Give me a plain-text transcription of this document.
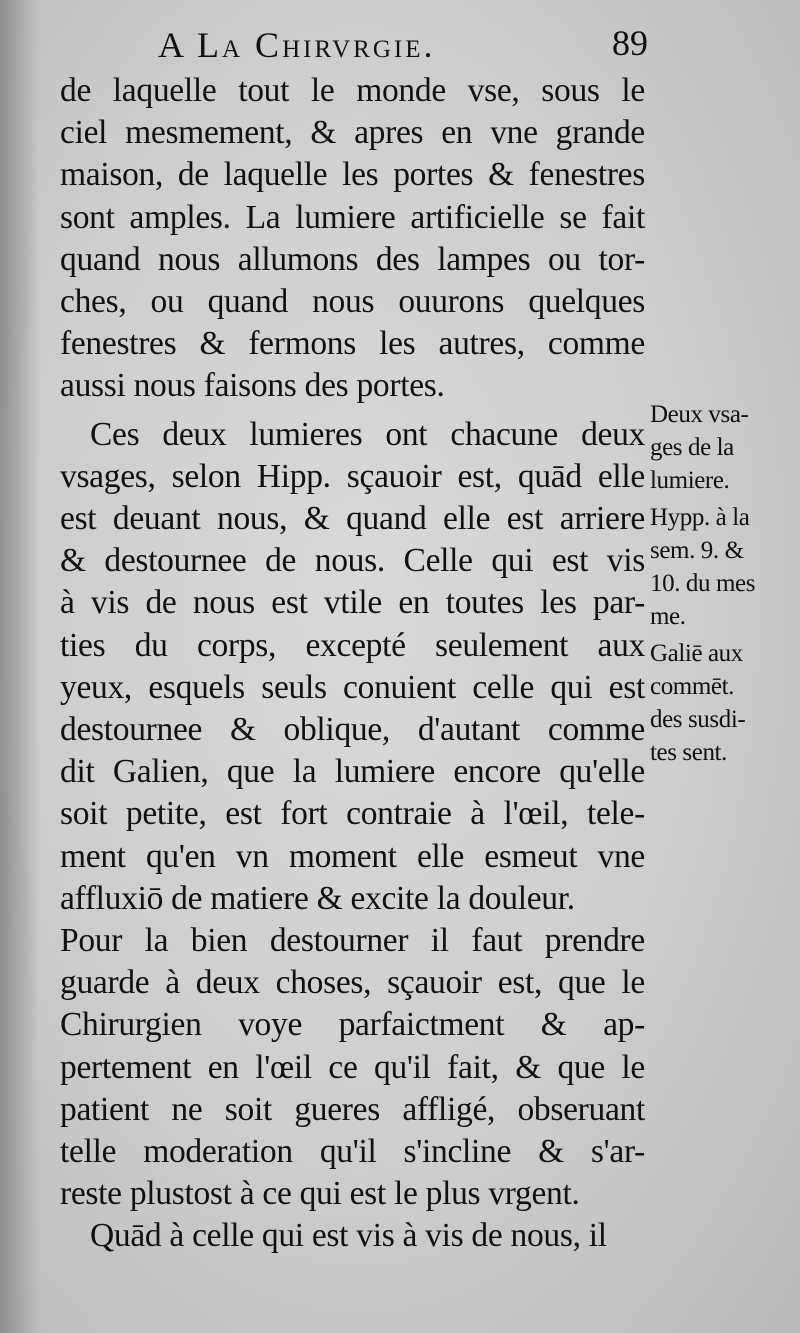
A La Chirvrgie.	89
de laquelle tout le monde vse, sous le
ciel mesmement, & apres en vne grande
maison, de laquelle les portes & fenestres
sont amples. La lumiere artificielle se fait
quand nous allumons des lampes ou tor-
ches, ou quand nous ouurons quelques
fenestres & fermons les autres, comme
aussi nous faisons des portes.
Ces deux lumieres ont chacune deux
vsages, selon Hipp. sçauoir est, quād elle
est deuant nous, & quand elle est arriere
& destournee de nous. Celle qui est vis
à vis de nous est vtile en toutes les par-
ties du corps, excepté seulement aux
yeux, esquels seuls conuient celle qui est
destournee & oblique, d'autant comme
dit Galien, que la lumiere encore qu'elle
soit petite, est fort contraie à l'œil, tele-
ment qu'en vn moment elle esmeut vne
affluxiō de matiere & excite la douleur.
Pour la bien destourner il faut prendre
guarde à deux choses, sçauoir est, que le
Chirurgien voye parfaictment & ap-
pertement en l'œil ce qu'il fait, & que le
patient ne soit gueres affligé, obseruant
telle moderation qu'il s'incline & s'ar-
reste plustost à ce qui est le plus vrgent.
Quād à celle qui est vis à vis de nous, il
Deux vsa-
ges de la
lumiere.
Hypp. à la
sem. 9. &
10. du mes
me.
Galiē aux
commēt.
des susdi-
tes sent.
